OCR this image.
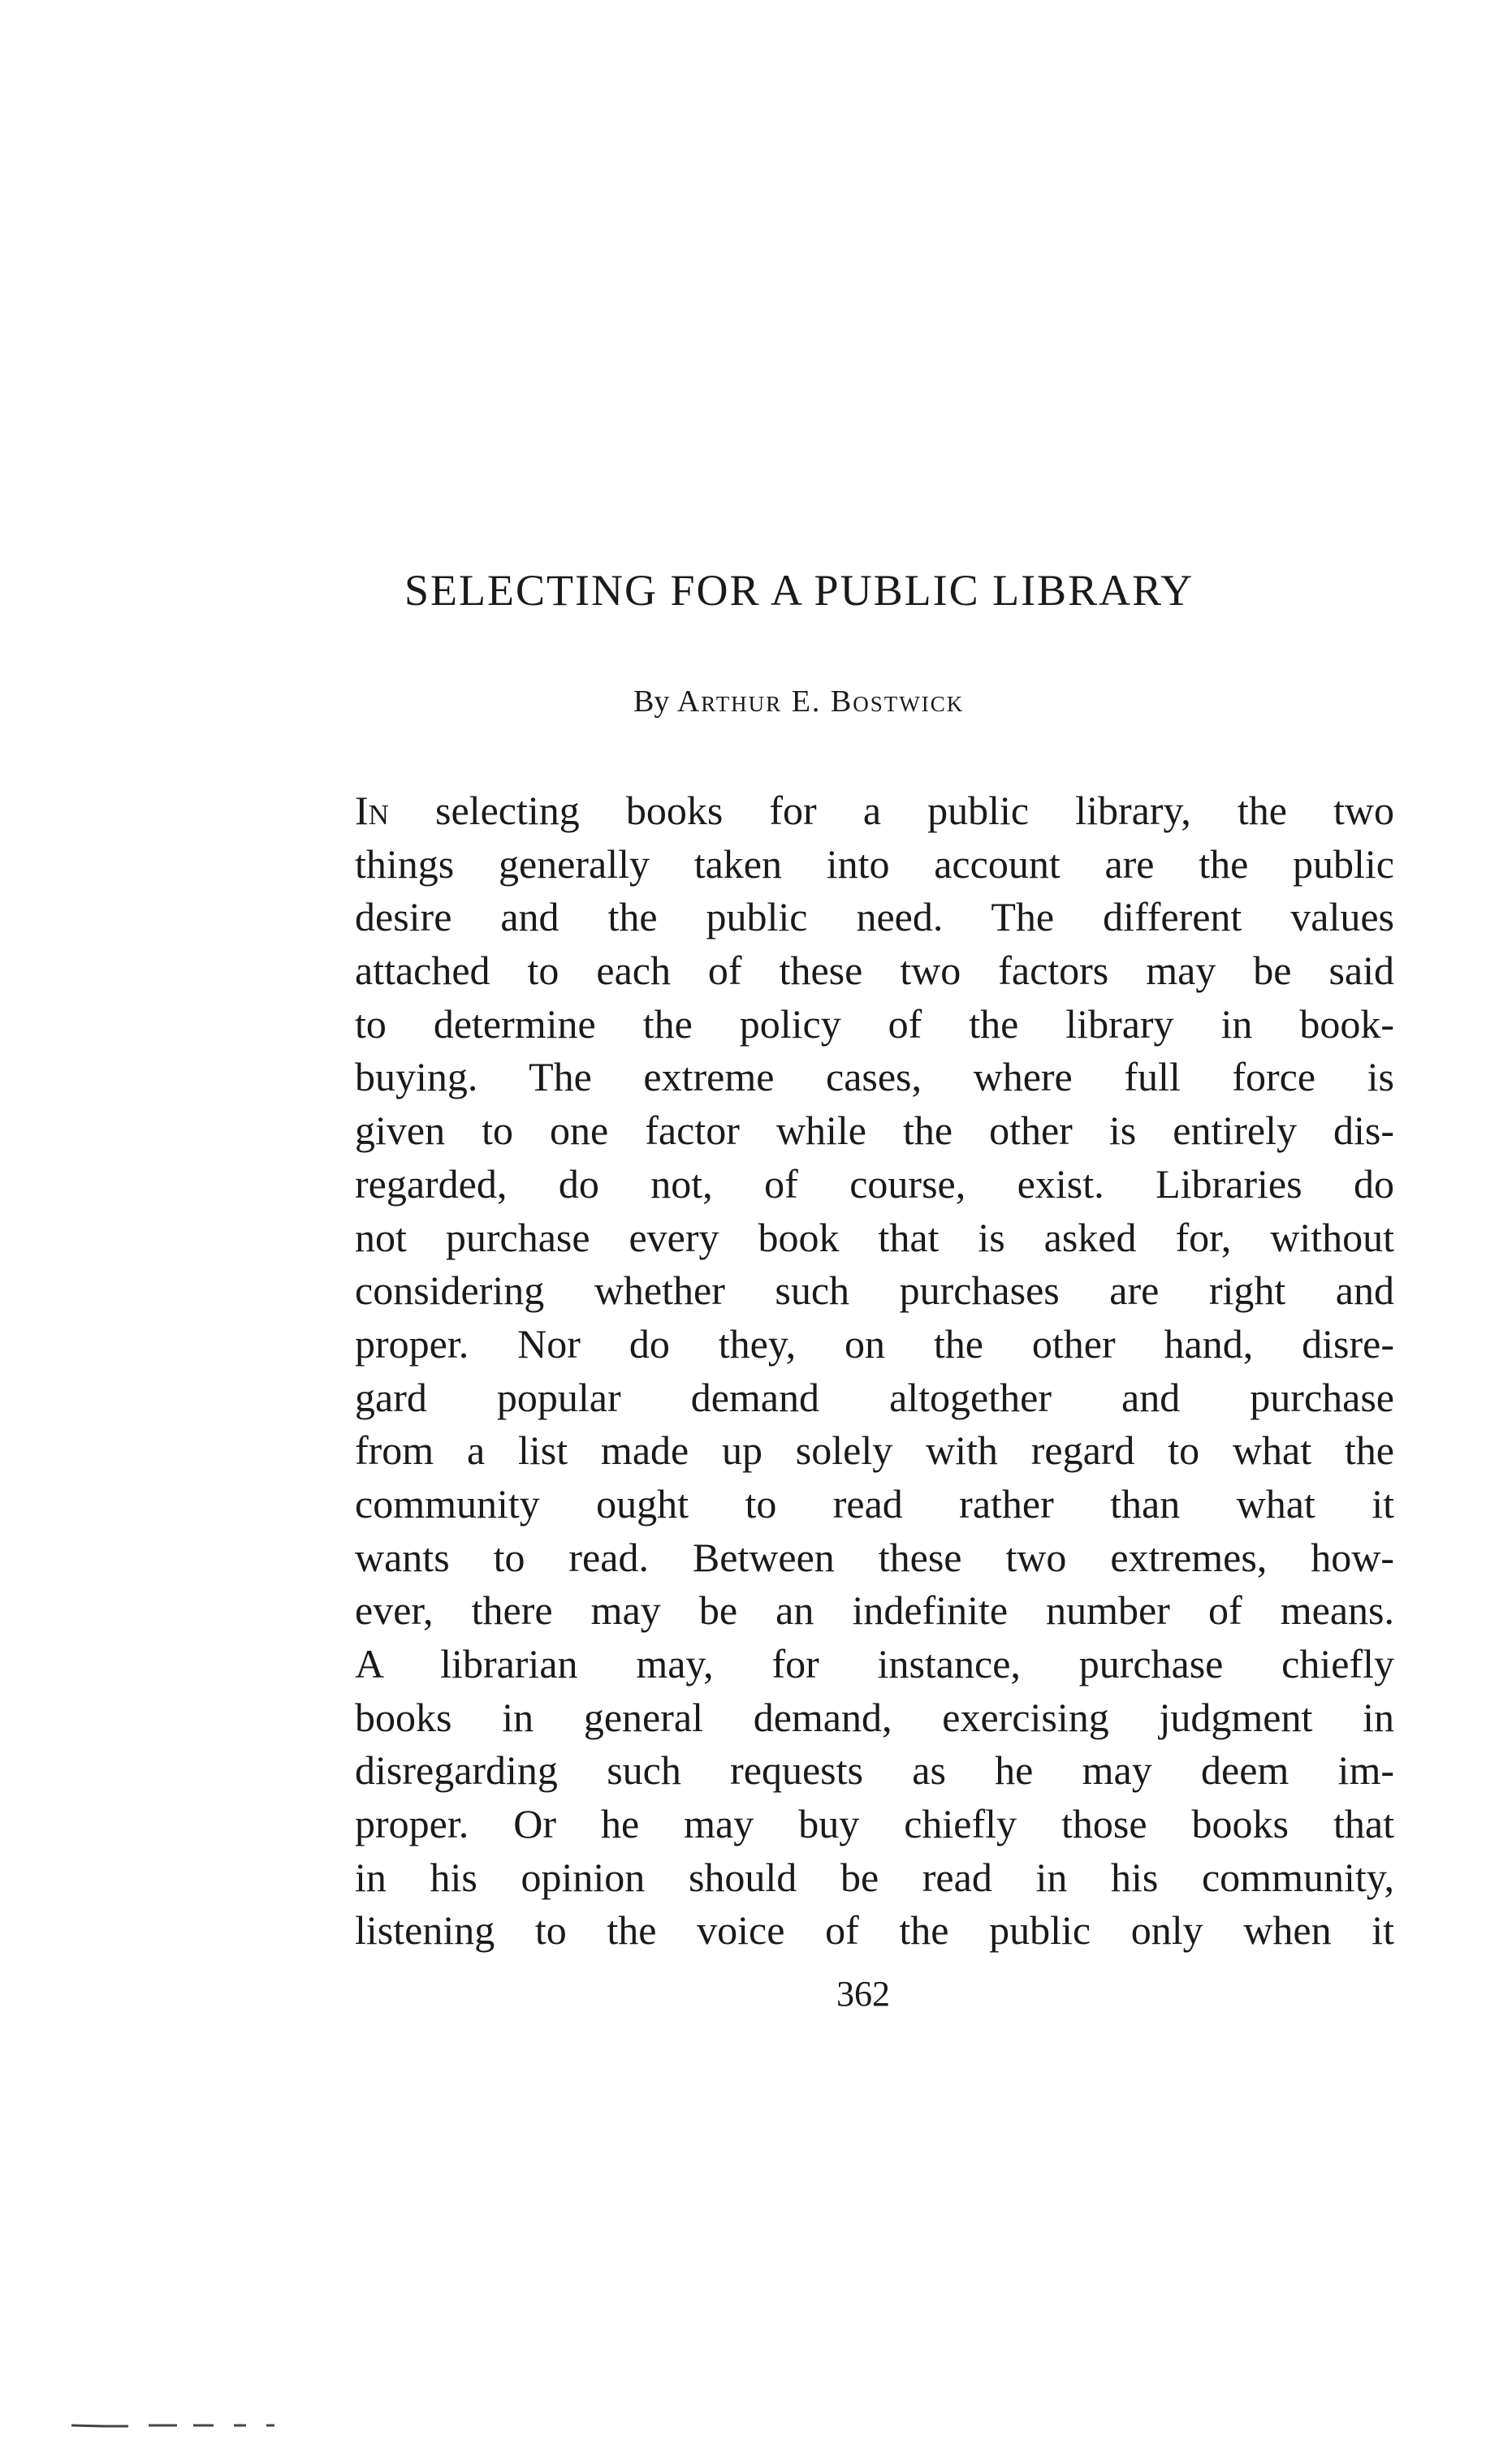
SELECTING FOR A PUBLIC LIBRARY
By Arthur E. Bostwick
In selecting books for a public library, the two
things generally taken into account are the public
desire and the public need. The different values
attached to each of these two factors may be said
to determine the policy of the library in book-
buying. The extreme cases, where full force is
given to one factor while the other is entirely dis-
regarded, do not, of course, exist. Libraries do
not purchase every book that is asked for, without
considering whether such purchases are right and
proper. Nor do they, on the other hand, disre-
gard popular demand altogether and purchase
from a list made up solely with regard to what the
community ought to read rather than what it
wants to read. Between these two extremes, how-
ever, there may be an indefinite number of means.
A librarian may, for instance, purchase chiefly
books in general demand, exercising judgment in
disregarding such requests as he may deem im-
proper. Or he may buy chiefly those books that
in his opinion should be read in his community,
listening to the voice of the public only when it
362
